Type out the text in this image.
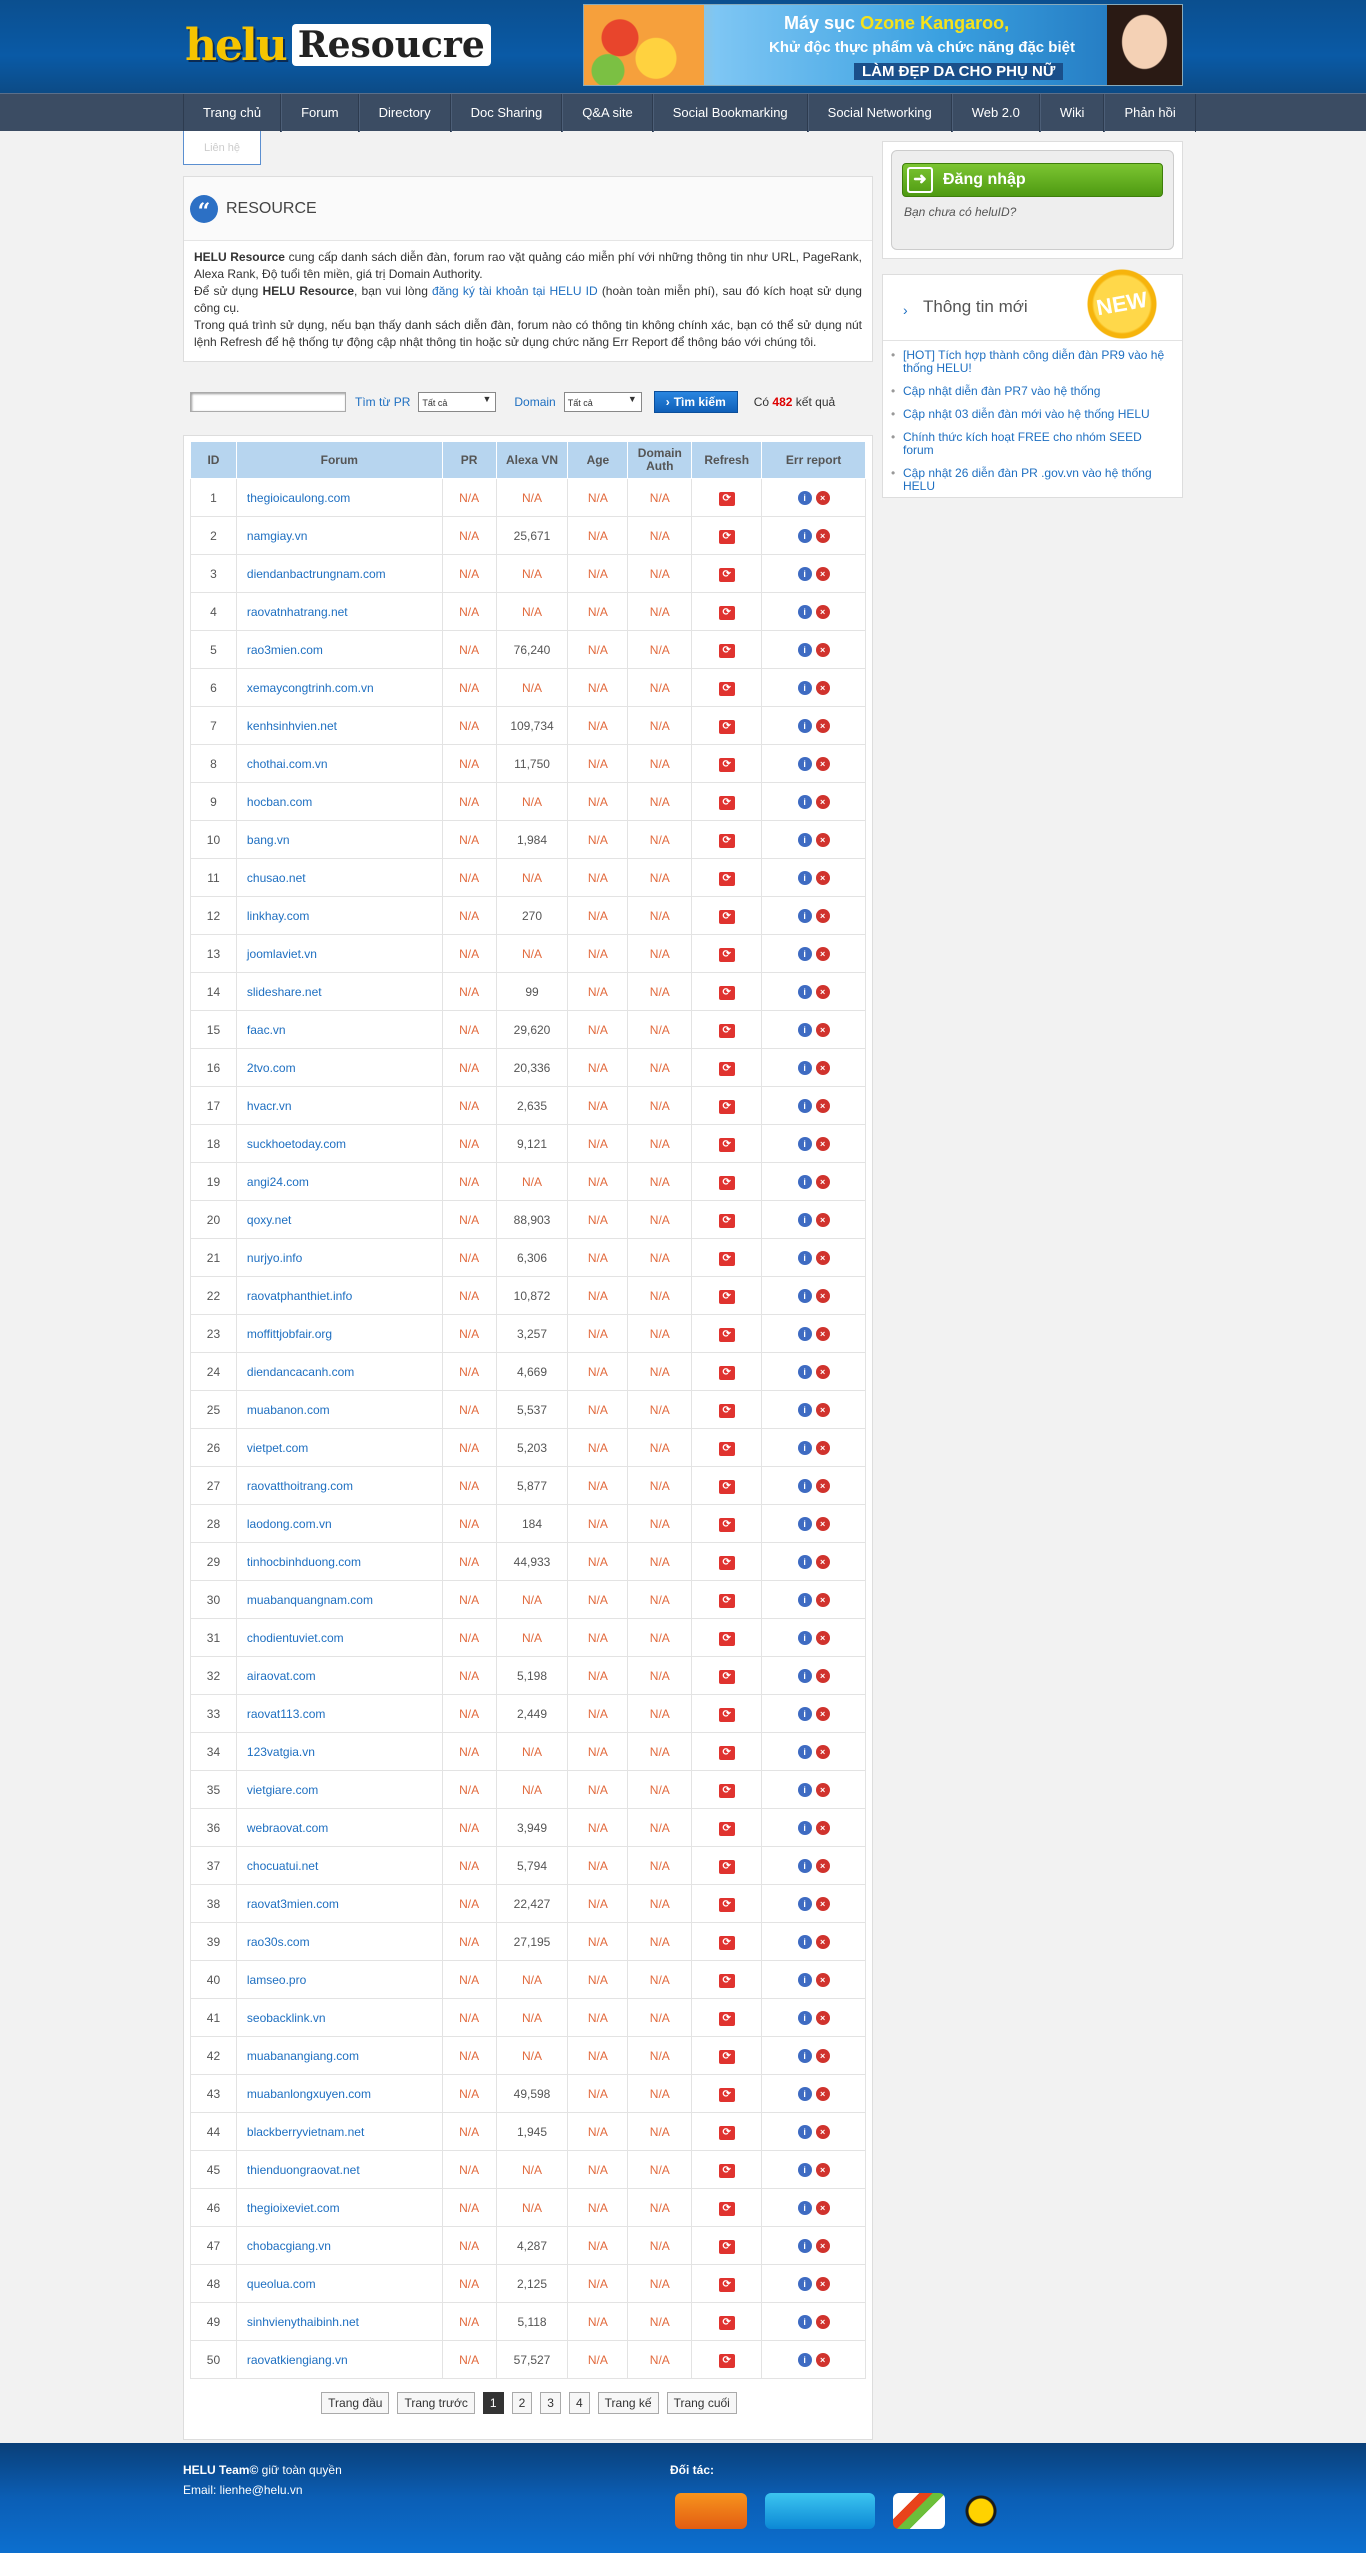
helu Resoucre
Máy sục Ozone Kangaroo,
Khử độc thực phẩm và chức năng đặc biệt
LÀM ĐẸP DA CHO PHỤ NỮ
Trang chủ	Forum	Directory	Doc Sharing	Q&A site	Social Bookmarking	Social Networking	Web 2.0	Wiki	Phản hồi
Liên hệ
“ RESOURCE
HELU Resource cung cấp danh sách diễn đàn, forum rao vặt quảng cáo miễn phí với những thông tin như URL, PageRank, Alexa Rank, Độ tuổi tên miền, giá trị Domain Authority.
Để sử dụng HELU Resource, bạn vui lòng đăng ký tài khoản tại HELU ID (hoàn toàn miễn phí), sau đó kích hoạt sử dụng công cụ.
Trong quá trình sử dụng, nếu bạn thấy danh sách diễn đàn, forum nào có thông tin không chính xác, bạn có thể sử dụng nút lệnh Refresh để hệ thống tự động cập nhật thông tin hoặc sử dụng chức năng Err Report để thông báo với chúng tôi.
Tìm từ PR	Tất cả	▼ Domain	Tất cả	▼ › Tìm kiếm Có 482 kết quả
ID	Forum	PR	Alexa VN	Age	Domain Auth	Refresh	Err report
1	thegioicaulong.com	N/A	N/A	N/A	N/A	⟳	i ×
2	namgiay.vn	N/A	25,671	N/A	N/A	⟳	i ×
3	diendanbactrungnam.com	N/A	N/A	N/A	N/A	⟳	i ×
4	raovatnhatrang.net	N/A	N/A	N/A	N/A	⟳	i ×
5	rao3mien.com	N/A	76,240	N/A	N/A	⟳	i ×
6	xemaycongtrinh.com.vn	N/A	N/A	N/A	N/A	⟳	i ×
7	kenhsinhvien.net	N/A	109,734	N/A	N/A	⟳	i ×
8	chothai.com.vn	N/A	11,750	N/A	N/A	⟳	i ×
9	hocban.com	N/A	N/A	N/A	N/A	⟳	i ×
10	bang.vn	N/A	1,984	N/A	N/A	⟳	i ×
11	chusao.net	N/A	N/A	N/A	N/A	⟳	i ×
12	linkhay.com	N/A	270	N/A	N/A	⟳	i ×
13	joomlaviet.vn	N/A	N/A	N/A	N/A	⟳	i ×
14	slideshare.net	N/A	99	N/A	N/A	⟳	i ×
15	faac.vn	N/A	29,620	N/A	N/A	⟳	i ×
16	2tvo.com	N/A	20,336	N/A	N/A	⟳	i ×
17	hvacr.vn	N/A	2,635	N/A	N/A	⟳	i ×
18	suckhoetoday.com	N/A	9,121	N/A	N/A	⟳	i ×
19	angi24.com	N/A	N/A	N/A	N/A	⟳	i ×
20	qoxy.net	N/A	88,903	N/A	N/A	⟳	i ×
21	nurjyo.info	N/A	6,306	N/A	N/A	⟳	i ×
22	raovatphanthiet.info	N/A	10,872	N/A	N/A	⟳	i ×
23	moffittjobfair.org	N/A	3,257	N/A	N/A	⟳	i ×
24	diendancacanh.com	N/A	4,669	N/A	N/A	⟳	i ×
25	muabanon.com	N/A	5,537	N/A	N/A	⟳	i ×
26	vietpet.com	N/A	5,203	N/A	N/A	⟳	i ×
27	raovatthoitrang.com	N/A	5,877	N/A	N/A	⟳	i ×
28	laodong.com.vn	N/A	184	N/A	N/A	⟳	i ×
29	tinhocbinhduong.com	N/A	44,933	N/A	N/A	⟳	i ×
30	muabanquangnam.com	N/A	N/A	N/A	N/A	⟳	i ×
31	chodientuviet.com	N/A	N/A	N/A	N/A	⟳	i ×
32	airaovat.com	N/A	5,198	N/A	N/A	⟳	i ×
33	raovat113.com	N/A	2,449	N/A	N/A	⟳	i ×
34	123vatgia.vn	N/A	N/A	N/A	N/A	⟳	i ×
35	vietgiare.com	N/A	N/A	N/A	N/A	⟳	i ×
36	webraovat.com	N/A	3,949	N/A	N/A	⟳	i ×
37	chocuatui.net	N/A	5,794	N/A	N/A	⟳	i ×
38	raovat3mien.com	N/A	22,427	N/A	N/A	⟳	i ×
39	rao30s.com	N/A	27,195	N/A	N/A	⟳	i ×
40	lamseo.pro	N/A	N/A	N/A	N/A	⟳	i ×
41	seobacklink.vn	N/A	N/A	N/A	N/A	⟳	i ×
42	muabanangiang.com	N/A	N/A	N/A	N/A	⟳	i ×
43	muabanlongxuyen.com	N/A	49,598	N/A	N/A	⟳	i ×
44	blackberryvietnam.net	N/A	1,945	N/A	N/A	⟳	i ×
45	thienduongraovat.net	N/A	N/A	N/A	N/A	⟳	i ×
46	thegioixeviet.com	N/A	N/A	N/A	N/A	⟳	i ×
47	chobacgiang.vn	N/A	4,287	N/A	N/A	⟳	i ×
48	queolua.com	N/A	2,125	N/A	N/A	⟳	i ×
49	sinhvienythaibinh.net	N/A	5,118	N/A	N/A	⟳	i ×
50	raovatkiengiang.vn	N/A	57,527	N/A	N/A	⟳	i ×
Trang đầu Trang trước 1 2 3 4 Trang kế Trang cuối
➜	Đăng nhập
Bạn chưa có heluID?
› Thông tin mới	NEW
• [HOT] Tích hợp thành công diễn đàn PR9 vào hệ thống HELU!
• Cập nhật diễn đàn PR7 vào hệ thống
• Cập nhật 03 diễn đàn mới vào hệ thống HELU
• Chính thức kích hoạt FREE cho nhóm SEED forum
• Cập nhật 26 diễn đàn PR .gov.vn vào hệ thống HELU
HELU Team© giữ toàn quyền
Email: lienhe@helu.vn
Đối tác:
